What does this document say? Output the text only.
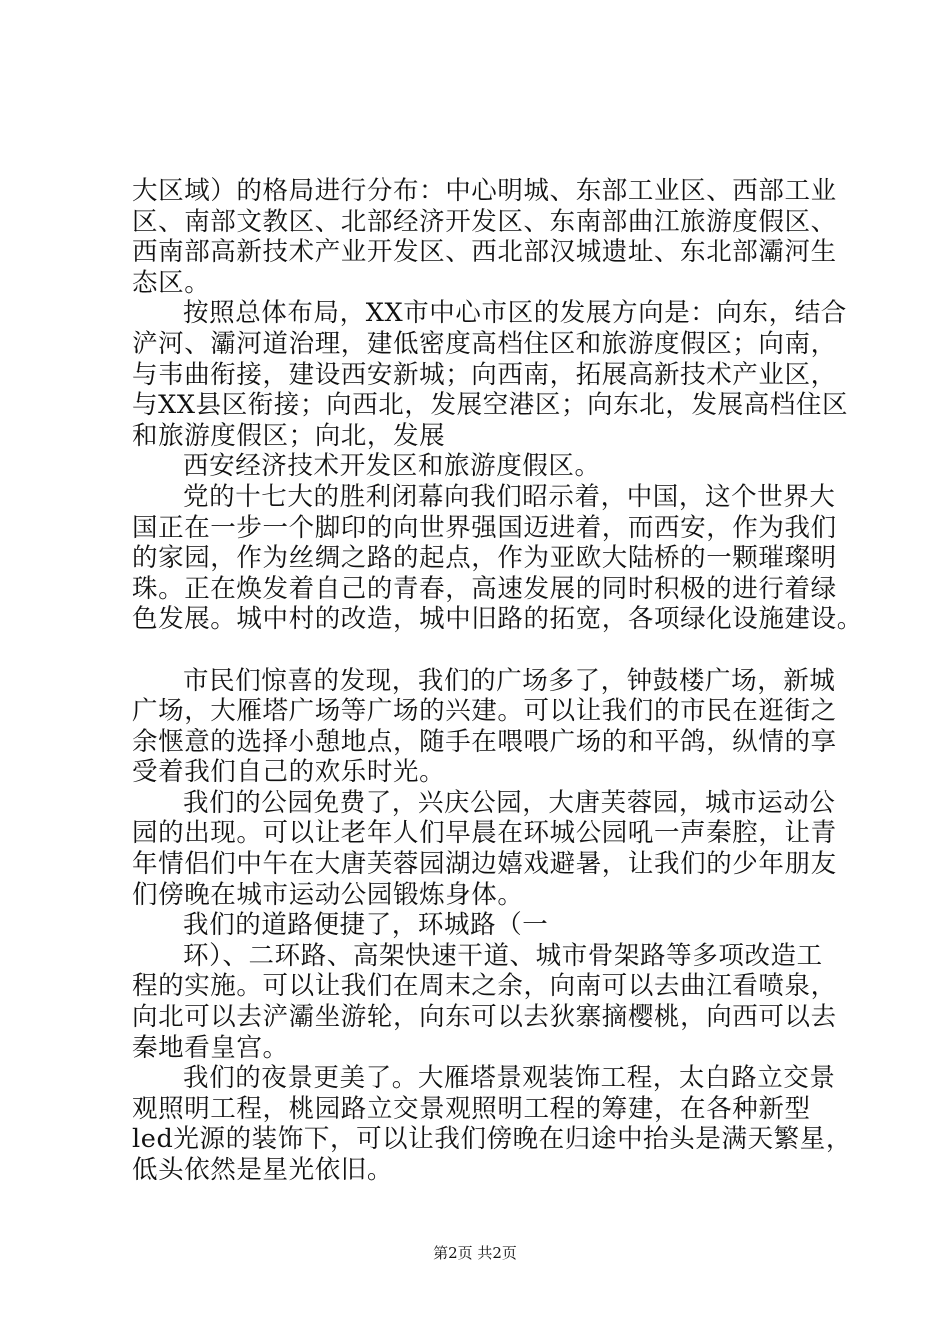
大区域）的格局进行分布：中心明城、东部工业区、西部工业
区、南部文教区、北部经济开发区、东南部曲江旅游度假区、
西南部高新技术产业开发区、西北部汉城遗址、东北部灞河生
态区。
按照总体布局，XX市中心市区的发展方向是：向东，结合
浐河、灞河道治理，建低密度高档住区和旅游度假区；向南，
与韦曲衔接，建设西安新城；向西南，拓展高新技术产业区，
与XX县区衔接；向西北，发展空港区；向东北，发展高档住区
和旅游度假区；向北，发展
西安经济技术开发区和旅游度假区。
党的十七大的胜利闭幕向我们昭示着，中国，这个世界大
国正在一步一个脚印的向世界强国迈进着，而西安，作为我们
的家园，作为丝绸之路的起点，作为亚欧大陆桥的一颗璀璨明
珠。正在焕发着自己的青春，高速发展的同时积极的进行着绿
色发展。城中村的改造，城中旧路的拓宽，各项绿化设施建设。
市民们惊喜的发现，我们的广场多了，钟鼓楼广场，新城
广场，大雁塔广场等广场的兴建。可以让我们的市民在逛街之
余惬意的选择小憩地点，随手在喂喂广场的和平鸽，纵情的享
受着我们自己的欢乐时光。
我们的公园免费了，兴庆公园，大唐芙蓉园，城市运动公
园的出现。可以让老年人们早晨在环城公园吼一声秦腔，让青
年情侣们中午在大唐芙蓉园湖边嬉戏避暑，让我们的少年朋友
们傍晚在城市运动公园锻炼身体。
我们的道路便捷了，环城路（一
环）、二环路、高架快速干道、城市骨架路等多项改造工
程的实施。可以让我们在周末之余，向南可以去曲江看喷泉，
向北可以去浐灞坐游轮，向东可以去狄寨摘樱桃，向西可以去
秦地看皇宫。
我们的夜景更美了。大雁塔景观装饰工程，太白路立交景
观照明工程，桃园路立交景观照明工程的筹建，在各种新型
led光源的装饰下，可以让我们傍晚在归途中抬头是满天繁星，
低头依然是星光依旧。
第2页 共2页
